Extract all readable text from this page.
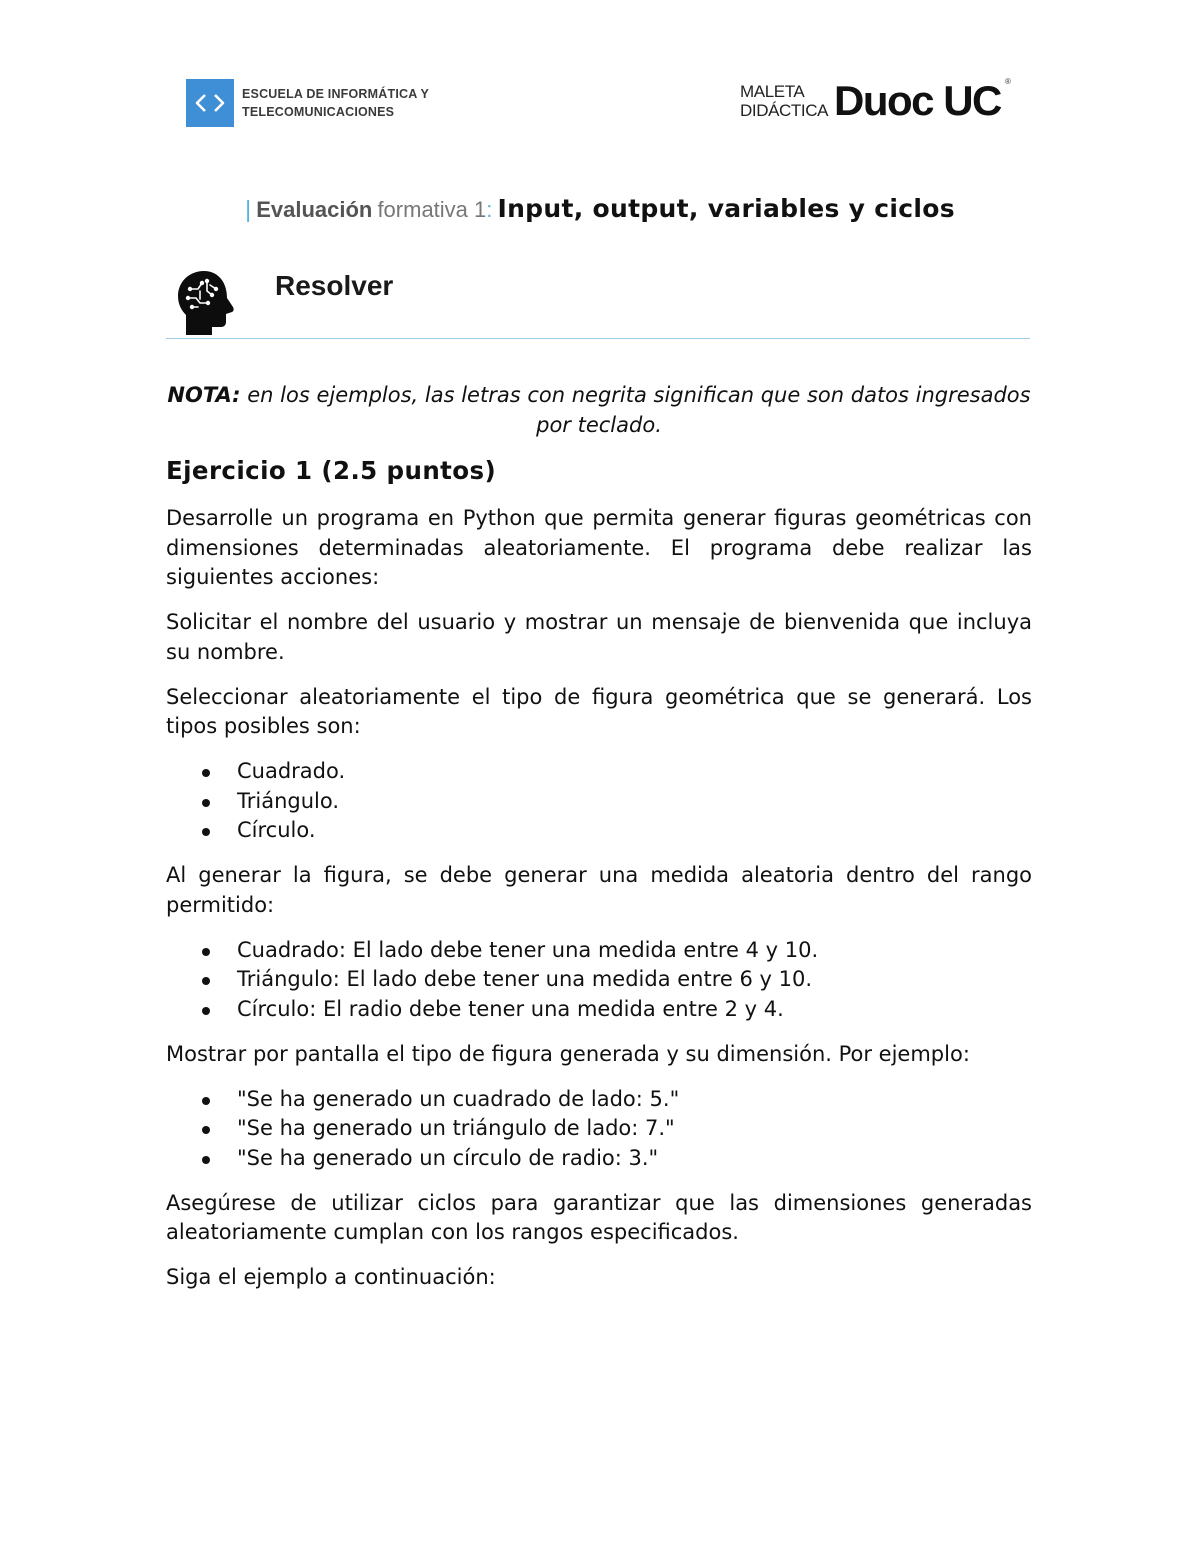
ESCUELA DE INFORMÁTICA Y
TELECOMUNICACIONES
MALETA
DIDÁCTICA Duoc UC ®
| Evaluación formativa 1: Input, output, variables y ciclos
Resolver
NOTA: en los ejemplos, las letras con negrita significan que son datos ingresados por teclado.
Ejercicio 1 (2.5 puntos)

Desarrolle un programa en Python que permita generar figuras geométricas con dimensiones determinadas aleatoriamente. El programa debe realizar las siguientes acciones:

Solicitar el nombre del usuario y mostrar un mensaje de bienvenida que incluya su nombre.

Seleccionar aleatoriamente el tipo de figura geométrica que se generará. Los tipos posibles son:

Cuadrado.
Triángulo.
Círculo.

Al generar la figura, se debe generar una medida aleatoria dentro del rango permitido:

Cuadrado: El lado debe tener una medida entre 4 y 10.
Triángulo: El lado debe tener una medida entre 6 y 10.
Círculo: El radio debe tener una medida entre 2 y 4.

Mostrar por pantalla el tipo de figura generada y su dimensión. Por ejemplo:

"Se ha generado un cuadrado de lado: 5."
"Se ha generado un triángulo de lado: 7."
"Se ha generado un círculo de radio: 3."

Asegúrese de utilizar ciclos para garantizar que las dimensiones generadas aleatoriamente cumplan con los rangos especificados.

Siga el ejemplo a continuación:
